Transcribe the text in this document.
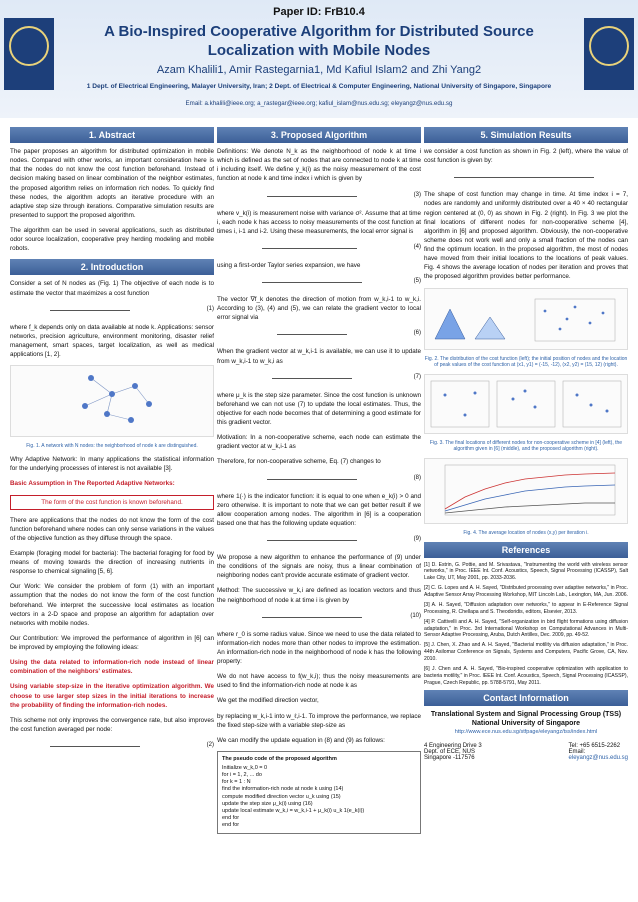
Paper ID: FrB10.4
A Bio-Inspired Cooperative Algorithm for Distributed Source Localization with Mobile Nodes
Azam Khalili1, Amir Rastegarnia1, Md Kafiul Islam2 and Zhi Yang2
1 Dept. of Electrical Engineering, Malayer University, Iran; 2 Dept. of Electrical & Computer Engineering, National University of Singapore, Singapore
Email: a.khalili@ieee.org; a_rastegar@ieee.org; kafiul_islam@nus.edu.sg; eleyangz@nus.edu.sg
1. Abstract

The paper proposes an algorithm for distributed optimization in mobile nodes. Compared with other works, an important consideration here is that the nodes do not know the cost function beforehand. Instead of decision making based on linear combination of the neighbor estimates, the proposed algorithm relies on information rich nodes. To quickly find these nodes, the algorithm adopts an iterative procedure with an adaptive step size through iterations. Comparative simulation results are presented to support the proposed algorithm.

The algorithm can be used in several applications, such as distributed odor source localization, cooperative prey herding modeling and mobile robots.

2. Introduction

Consider a set of N nodes as (Fig. 1) The objective of each node is to estimate the vector that maximizes a cost function

(1)

where f_k depends only on data available at node k. Applications: sensor networks, precision agriculture, environment monitoring, disaster relief management, smart spaces, target localization, as well as medical applications [1, 2].

Fig. 1. A network with N nodes: the neighborhood of node k are distinguished.

Why Adaptive Network: In many applications the statistical information for the underlying processes of interest is not available [3].

Basic Assumption in The Reported Adaptive Networks:

The form of the cost function is known beforehand.

There are applications that the nodes do not know the form of the cost function beforehand where nodes can only sense variations in the values of the objective function as they diffuse through the space.

Example (foraging model for bacteria): The bacterial foraging for food by means of moving towards the direction of increasing nutrients in response to chemical signaling [5, 6].

Our Work: We consider the problem of form (1) with an important assumption that the nodes do not know the form of the cost function beforehand. We interpret the successive local estimates as location vectors in a 2-D space and propose an algorithm for adaptation over networks with mobile nodes.

Our Contribution: We improved the performance of algorithm in [6] can be improved by employing the following ideas:

Using the data related to information-rich node instead of linear combination of the neighbors' estimates.

Using variable step-size in the iterative optimization algorithm. We choose to use larger step sizes in the initial iterations to increase the probability of finding the information-rich nodes.

This scheme not only improves the convergence rate, but also improves the cost function averaged per node:

(2)
3. Proposed Algorithm

Definitions: We denote N_k as the neighborhood of node k at time i which is defined as the set of nodes that are connected to node k at time i including itself. We define y_k(i) as the noisy measurement of the cost function at node k and time index i which is given by

(3)

where v_k(i) is measurement noise with variance σ². Assume that at time i, each node k has access to noisy measurements of the cost function at times i, i-1 and i-2. Using these measurements, the local error signal is

(4)

using a first-order Taylor series expansion, we have

(5)

The vector ∇f_k denotes the direction of motion from w_k,i-1 to w_k,i. According to (3), (4) and (5), we can relate the gradient vector to local error signal via

(6)

When the gradient vector at w_k,i-1 is available, we can use it to update from w_k,i-1 to w_k,i as

(7)

where μ_k is the step size parameter. Since the cost function is unknown beforehand we can not use (7) to update the local estimates. Thus, the objective for each node becomes that of determining a good estimate for this gradient vector.

Motivation: In a non-cooperative scheme, each node can estimate the gradient vector at w_k,i-1 as

Therefore, for non-cooperative scheme, Eq. (7) changes to

(8)

where 1(·) is the indicator function: it is equal to one when e_k(i) > 0 and zero otherwise. It is important to note that we can get better result if we allow cooperation among nodes. The algorithm in [6] is a cooperation based one that has the following update equation:

(9)

We propose a new algorithm to enhance the performance of (9) under the conditions of the signals are noisy, thus a linear combination of neighboring nodes can't provide accurate estimate of gradient vector.

Method: The successive w_k,i are defined as location vectors and thus the neighborhood of node k at time i is given by

(10)

where r_0 is some radius value. Since we need to use the data related to information-rich nodes more than other nodes to improve the estimation. An information-rich node in the neighborhood of node k has the following property:

We do not have access to f(w_k,i); thus the noisy measurements are used to find the information-rich node at node k as

We get the modified direction vector,

by replacing w_k,i-1 into w_ℓ,i-1. To improve the performance, we replace the fixed step-size with a variable step-size as

We can modify the update equation in (8) and (9) as follows:

The pseudo code of the proposed algorithm
Initialize w_k,0 = 0
for i = 1, 2, ... do
for k = 1 : N
find the information-rich node at node k using (14)
compute modified direction vector u_k using (15)
update the step size μ_k(i) using (16)
update local estimate w_k,i = w_k,i-1 + μ_k(i) u_k 1(e_k(i))
end for
end for
5. Simulation Results

we consider a cost function as shown in Fig. 2 (left), where the value of cost function is given by:

The shape of cost function may change in time. At time index i = 7, nodes are randomly and uniformly distributed over a 40 × 40 rectangular region centered at (0, 0) as shown in Fig. 2 (right). In Fig. 3 we plot the final locations of different nodes for non-cooperative scheme [4], algorithm in [6] and proposed algorithm. Obviously, the non-cooperative scheme does not work well and only a small fraction of the nodes can find the optimum location. In the proposed algorithm, the most of nodes have moved from their initial locations to the locations of peak values. Fig. 4 shows the average location of nodes per iteration and proves that the proposed algorithm provides better performance.

Fig. 2. The distribution of the cost function (left); the initial position of nodes and the location of peak values of the cost function at (x1, y1) = (-15, -12), (x2, y2) = (15, 12) (right).
Fig. 3. The final locations of different nodes for non-cooperative scheme in [4] (left), the algorithm given in [6] (middle), and the proposed algorithm (right).
Fig. 4. The average location of nodes (x,y) per iteration i.
References

[1] D. Estrin, G. Pottie, and M. Srivastava, "Instrumenting the world with wireless sensor networks," in Proc. IEEE Int. Conf. Acoustics, Speech, Signal Processing (ICASSP), Salt Lake City, UT, May 2001, pp. 2033-2036.

[2] C. G. Lopes and A. H. Sayed, "Distributed processing over adaptive networks," in Proc. Adaptive Sensor Array Processing Workshop, MIT Lincoln Lab., Lexington, MA, Jun. 2006.

[3] A. H. Sayed, "Diffusion adaptation over networks," to appear in E-Reference Signal Processing, R. Chellapa and S. Theodoridis, editors, Elsevier, 2013.

[4] P. Cattivelli and A. H. Sayed, "Self-organization in bird flight formations using diffusion adaptation," in Proc. 3rd International Workshop on Computational Advances in Multi-Sensor Adaptive Processing, Aruba, Dutch Antilles, Dec. 2009, pp. 49-52.

[5] J. Chen, X. Zhao and A. H. Sayed, "Bacterial motility via diffusion adaptation," in Proc. 44th Asilomar Conference on Signals, Systems and Computers, Pacific Grove, CA, Nov. 2010.

[6] J. Chen and A. H. Sayed, "Bio-inspired cooperative optimization with application to bacteria motility," in Proc. IEEE Int. Conf. Acoustics, Speech, Signal Processing (ICASSP), Prague, Czech Republic, pp. 5788-5791, May 2011.

Contact Information
Translational System and Signal Processing Group (TSS)
National University of Singapore
http://www.ece.nus.edu.sg/stfpage/eleyangz/tss/index.html
4 Engineering Drive 3
Dept. of ECE, NUS
Singapore -117576
Tel: +65 6515-2262
Email:
eleyangz@nus.edu.sg
